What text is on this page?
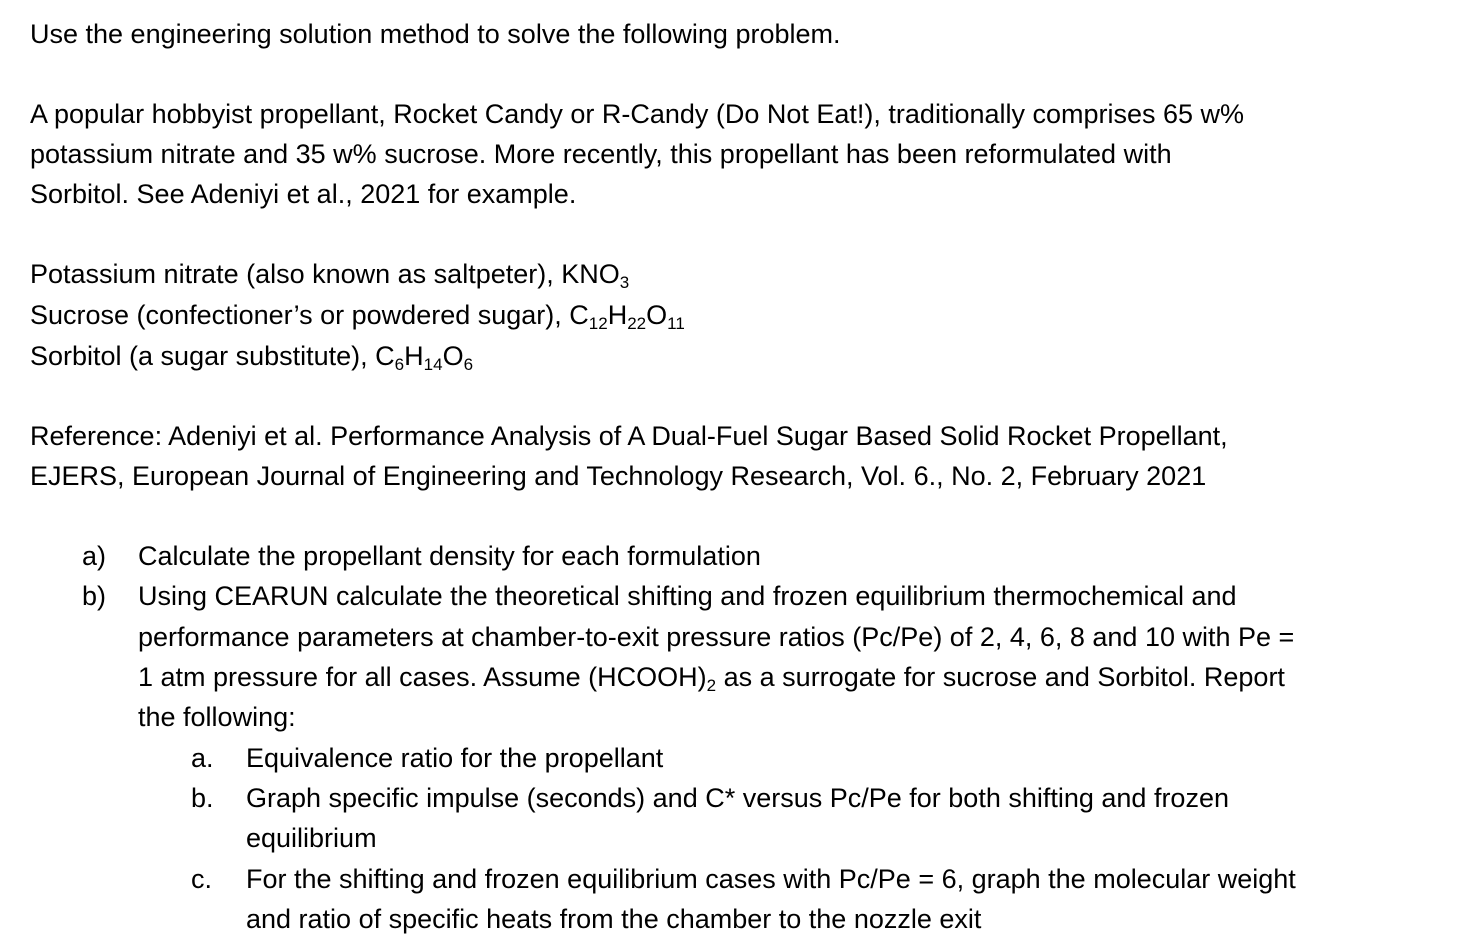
Use the engineering solution method to solve the following problem.
A popular hobbyist propellant, Rocket Candy or R-Candy (Do Not Eat!), traditionally comprises 65 w%
potassium nitrate and 35 w% sucrose. More recently, this propellant has been reformulated with
Sorbitol. See Adeniyi et al., 2021 for example.
Potassium nitrate (also known as saltpeter), $KNO_3$
Sucrose (confectioner’s or powdered sugar), $C_{12}H_{22}O_{11}$
Sorbitol (a sugar substitute), $C_6H_{14}O_6$
Reference: Adeniyi et al. Performance Analysis of A Dual-Fuel Sugar Based Solid Rocket Propellant,
EJERS, European Journal of Engineering and Technology Research, Vol. 6., No. 2, February 2021
a) Calculate the propellant density for each formulation
b) Using CEARUN calculate the theoretical shifting and frozen equilibrium thermochemical and
performance parameters at chamber-to-exit pressure ratios (Pc/Pe) of 2, 4, 6, 8 and 10 with Pe =
1 atm pressure for all cases. Assume $(HCOOH)_2$ as a surrogate for sucrose and Sorbitol. Report
the following:
a. Equivalence ratio for the propellant
b. Graph specific impulse (seconds) and C* versus Pc/Pe for both shifting and frozen
equilibrium
c. For the shifting and frozen equilibrium cases with Pc/Pe = 6, graph the molecular weight
and ratio of specific heats from the chamber to the nozzle exit
